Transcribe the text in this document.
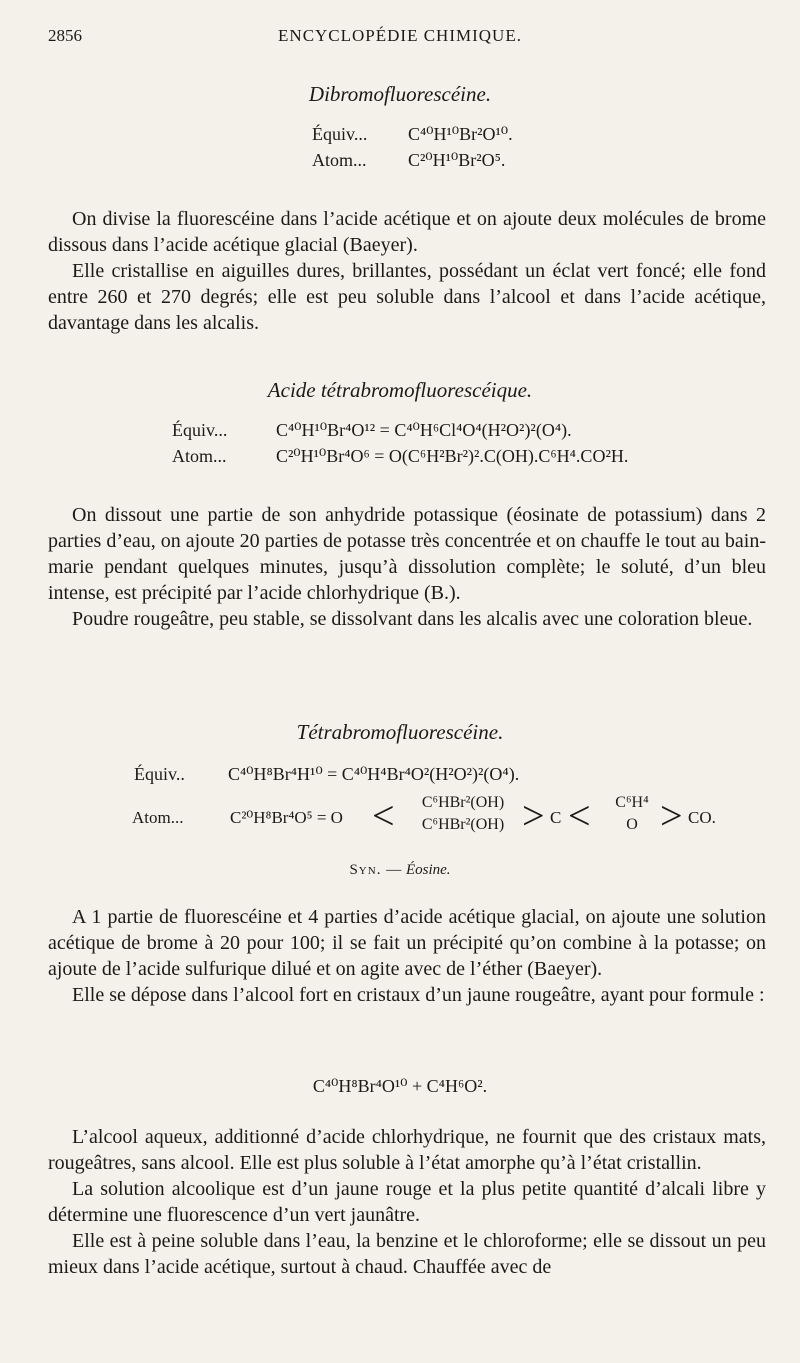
2856	ENCYCLOPÉDIE CHIMIQUE.
Dibromofluorescéine.
Équiv... C⁴⁰H¹⁰Br²O¹⁰.
Atom... C²⁰H¹⁰Br²O⁵.

On divise la fluorescéine dans l’acide acétique et on ajoute deux molécules de brome dissous dans l’acide acétique glacial (Baeyer).

Elle cristallise en aiguilles dures, brillantes, possédant un éclat vert foncé; elle fond entre 260 et 270 degrés; elle est peu soluble dans l’alcool et dans l’acide acétique, davantage dans les alcalis.

Acide tétrabromofluorescéique.
Équiv...	C⁴⁰H¹⁰Br⁴O¹² = C⁴⁰H⁶Cl⁴O⁴(H²O²)²(O⁴).
Atom...	C²⁰H¹⁰Br⁴O⁶ = O(C⁶H²Br²)².C(OH).C⁶H⁴.CO²H.

On dissout une partie de son anhydride potassique (éosinate de potassium) dans 2 parties d’eau, on ajoute 20 parties de potasse très concentrée et on chauffe le tout au bain-marie pendant quelques minutes, jusqu’à dissolution complète; le soluté, d’un bleu intense, est précipité par l’acide chlorhydrique (B.).

Poudre rougeâtre, peu stable, se dissolvant dans les alcalis avec une coloration bleue.

Tétrabromofluorescéine.
Équiv.. C⁴⁰H⁸Br⁴H¹⁰ = C⁴⁰H⁴Br⁴O²(H²O²)²(O⁴).
Atom...	C²⁰H⁸Br⁴O⁵ = O <	C⁶HBr²(OH)
C⁶HBr²(OH) > C <	C⁶H⁴
O > CO.
Syn. — Éosine.

A 1 partie de fluorescéine et 4 parties d’acide acétique glacial, on ajoute une solution acétique de brome à 20 pour 100; il se fait un précipité qu’on combine à la potasse; on ajoute de l’acide sulfurique dilué et on agite avec de l’éther (Baeyer).

Elle se dépose dans l’alcool fort en cristaux d’un jaune rougeâtre, ayant pour formule :

C⁴⁰H⁸Br⁴O¹⁰ + C⁴H⁶O².

L’alcool aqueux, additionné d’acide chlorhydrique, ne fournit que des cristaux mats, rougeâtres, sans alcool. Elle est plus soluble à l’état amorphe qu’à l’état cristallin.

La solution alcoolique est d’un jaune rouge et la plus petite quantité d’alcali libre y détermine une fluorescence d’un vert jaunâtre.

Elle est à peine soluble dans l’eau, la benzine et le chloroforme; elle se dissout un peu mieux dans l’acide acétique, surtout à chaud. Chauffée avec de
